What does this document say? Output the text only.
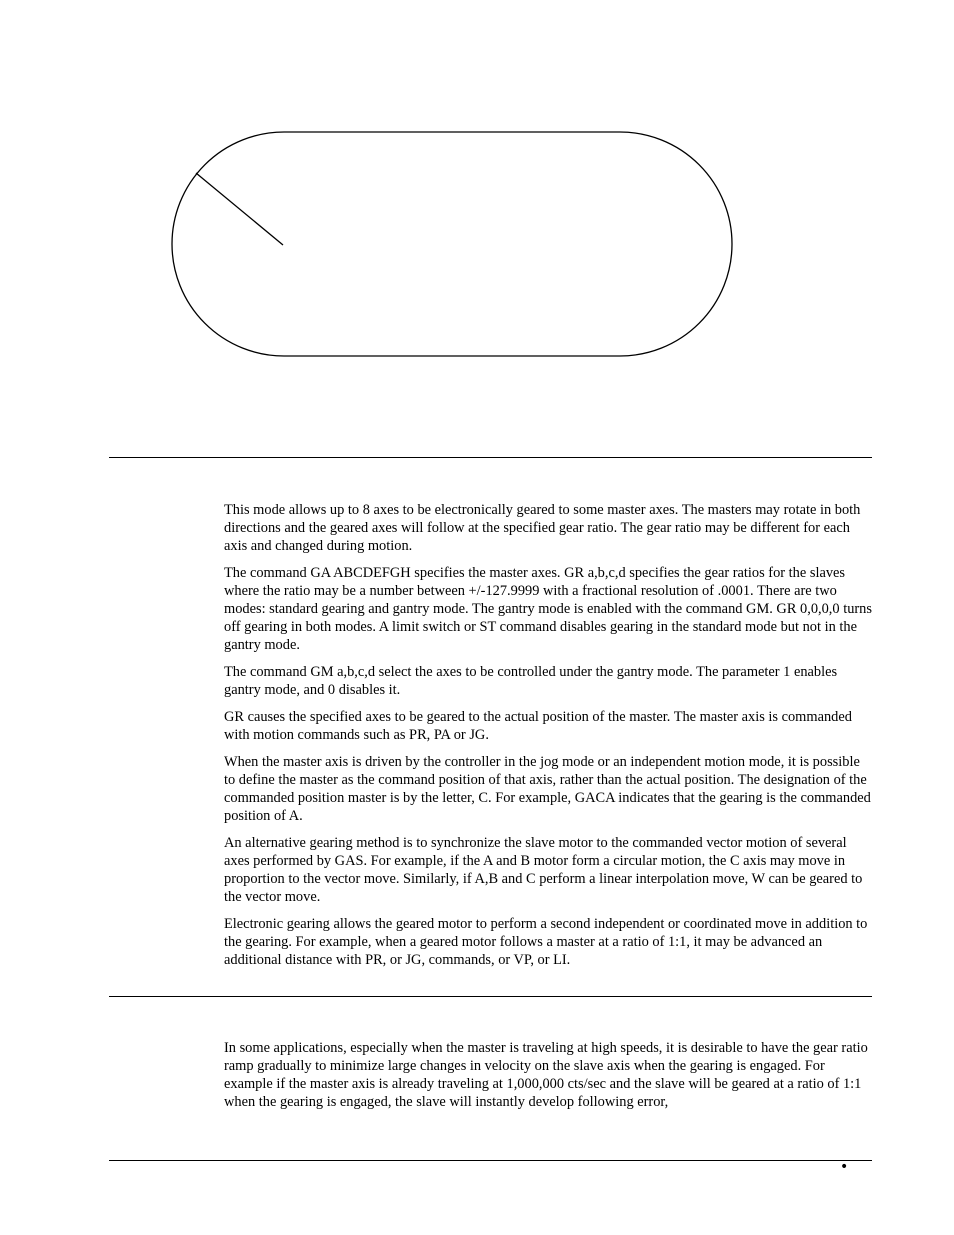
This mode allows up to 8 axes to be electronically geared to some master axes. The masters may rotate in both directions and the geared axes will follow at the specified gear ratio. The gear ratio may be different for each axis and changed during motion.

The command GA ABCDEFGH specifies the master axes. GR a,b,c,d specifies the gear ratios for the slaves where the ratio may be a number between +/-127.9999 with a fractional resolution of .0001. There are two modes: standard gearing and gantry mode. The gantry mode is enabled with the command GM. GR 0,0,0,0 turns off gearing in both modes. A limit switch or ST command disables gearing in the standard mode but not in the gantry mode.

The command GM a,b,c,d select the axes to be controlled under the gantry mode. The parameter 1 enables gantry mode, and 0 disables it.

GR causes the specified axes to be geared to the actual position of the master. The master axis is commanded with motion commands such as PR, PA or JG.

When the master axis is driven by the controller in the jog mode or an independent motion mode, it is possible to define the master as the command position of that axis, rather than the actual position. The designation of the commanded position master is by the letter, C. For example, GACA indicates that the gearing is the commanded position of A.

An alternative gearing method is to synchronize the slave motor to the commanded vector motion of several axes performed by GAS. For example, if the A and B motor form a circular motion, the C axis may move in proportion to the vector move. Similarly, if A,B and C perform a linear interpolation move, W can be geared to the vector move.

Electronic gearing allows the geared motor to perform a second independent or coordinated move in addition to the gearing. For example, when a geared motor follows a master at a ratio of 1:1, it may be advanced an additional distance with PR, or JG, commands, or VP, or LI.

In some applications, especially when the master is traveling at high speeds, it is desirable to have the gear ratio ramp gradually to minimize large changes in velocity on the slave axis when the gearing is engaged. For example if the master axis is already traveling at 1,000,000 cts/sec and the slave will be geared at a ratio of 1:1 when the gearing is engaged, the slave will instantly develop following error,

•
